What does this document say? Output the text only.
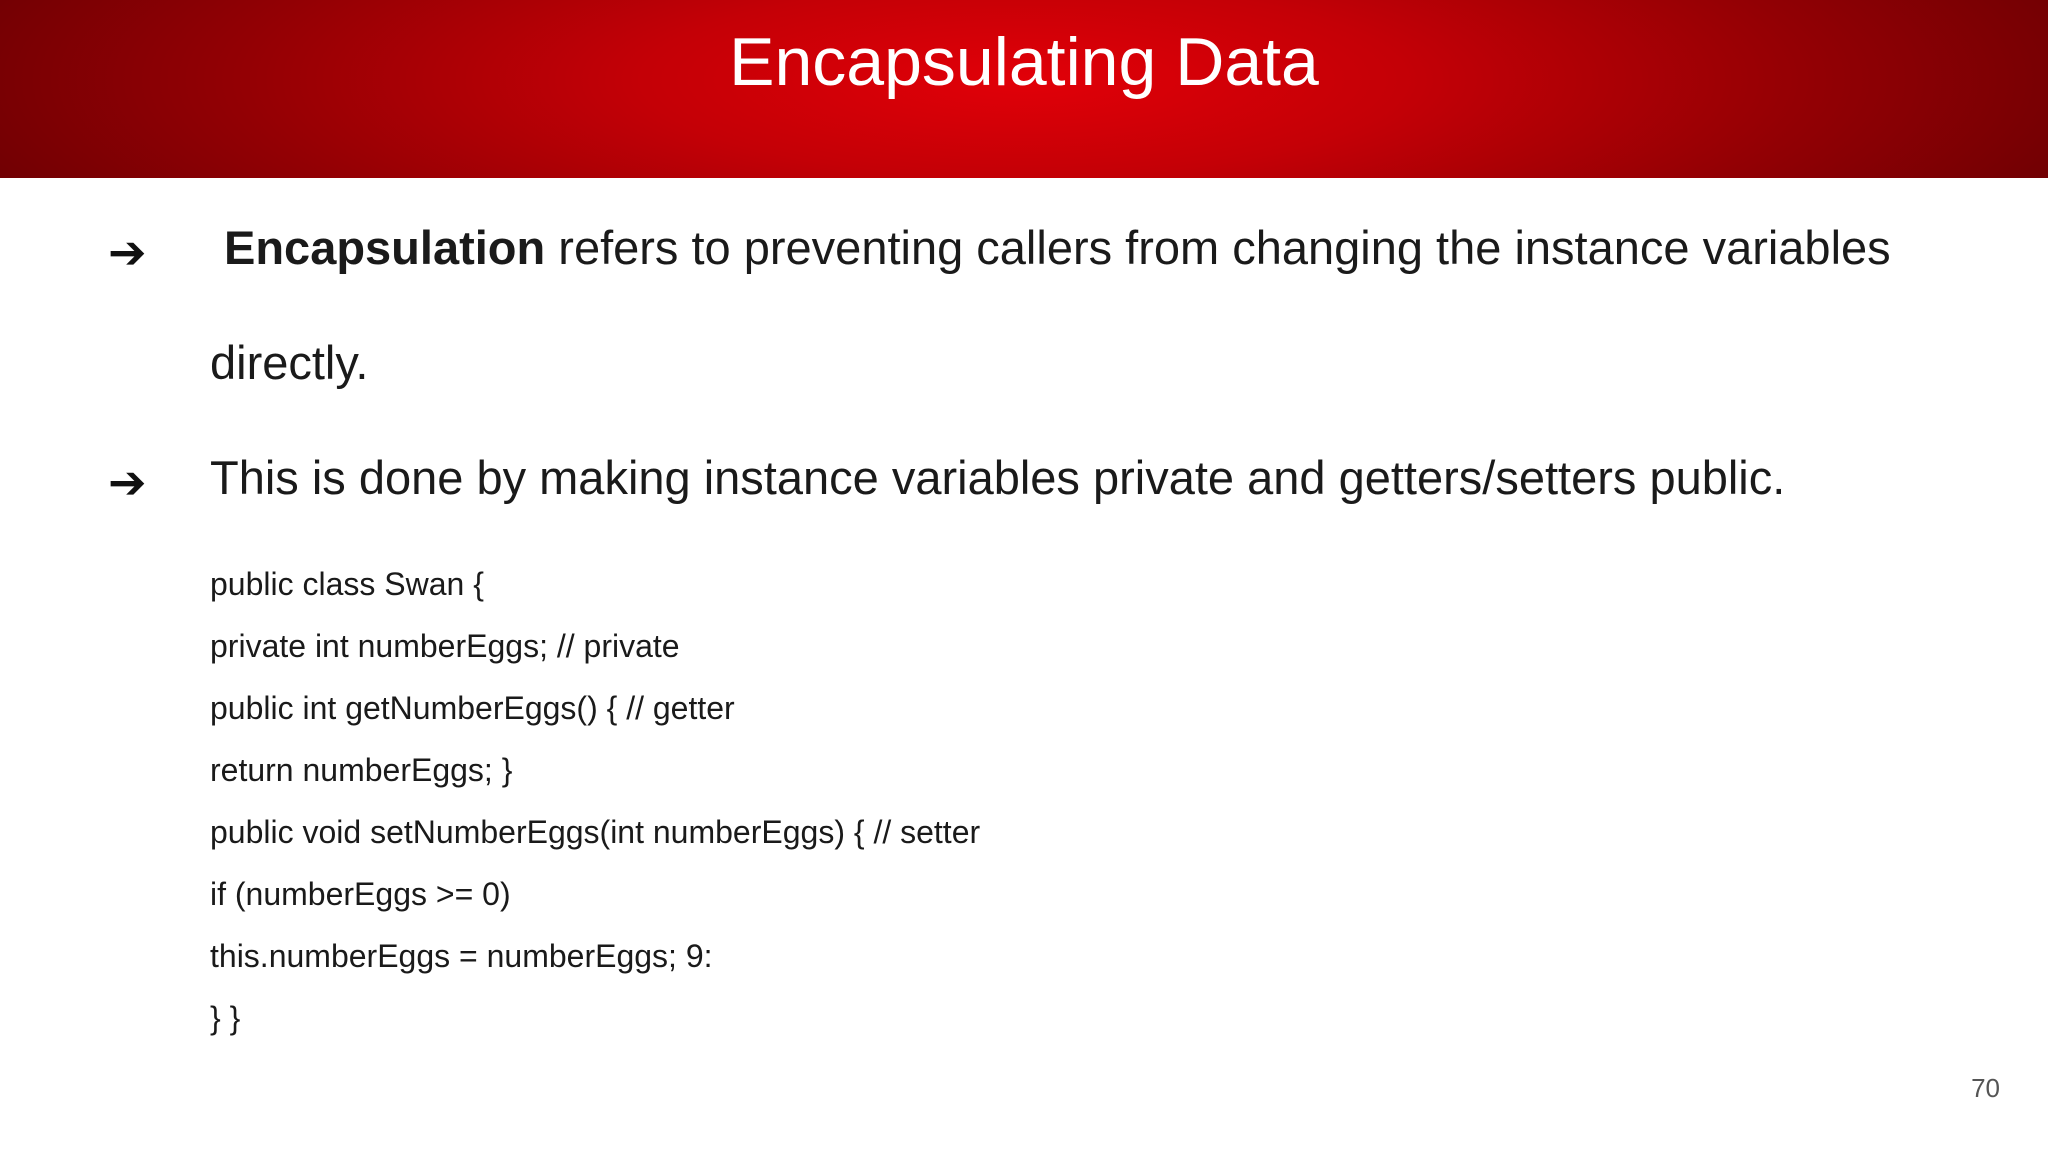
Encapsulating Data
➔	Encapsulation refers to preventing callers from changing the instance variables
directly.
➔	This is done by making instance variables private and getters/setters public.
public class Swan {
private int numberEggs; // private
public int getNumberEggs() { // getter
return numberEggs; }
public void setNumberEggs(int numberEggs) { // setter
if (numberEggs >= 0)
this.numberEggs = numberEggs; 9:
} }
70
